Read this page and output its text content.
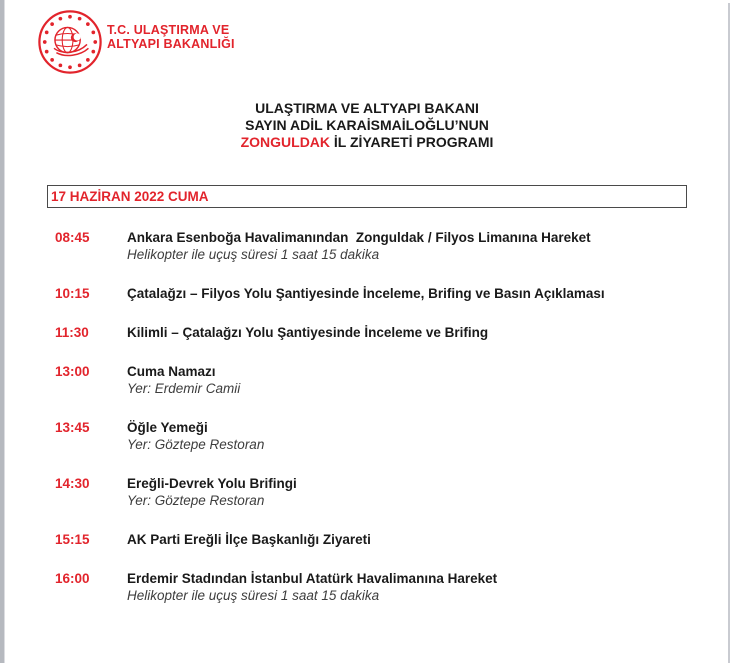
T.C. ULAŞTIRMA VE
ALTYAPI BAKANLIĞI
ULAŞTIRMA VE ALTYAPI BAKANI
SAYIN ADİL KARAİSMAİLOĞLU’NUN
ZONGULDAK İL ZİYARETİ PROGRAMI
17 HAZİRAN 2022 CUMA
08:45	Ankara Esenboğa Havalimanından  Zonguldak / Filyos Limanına Hareket
Helikopter ile uçuş süresi 1 saat 15 dakika
10:15	Çatalağzı – Filyos Yolu Şantiyesinde İnceleme, Brifing ve Basın Açıklaması
11:30	Kilimli – Çatalağzı Yolu Şantiyesinde İnceleme ve Brifing
13:00	Cuma Namazı
Yer: Erdemir Camii
13:45	Öğle Yemeği
Yer: Göztepe Restoran
14:30	Ereğli-Devrek Yolu Brifingi
Yer: Göztepe Restoran
15:15	AK Parti Ereğli İlçe Başkanlığı Ziyareti
16:00	Erdemir Stadından İstanbul Atatürk Havalimanına Hareket
Helikopter ile uçuş süresi 1 saat 15 dakika
